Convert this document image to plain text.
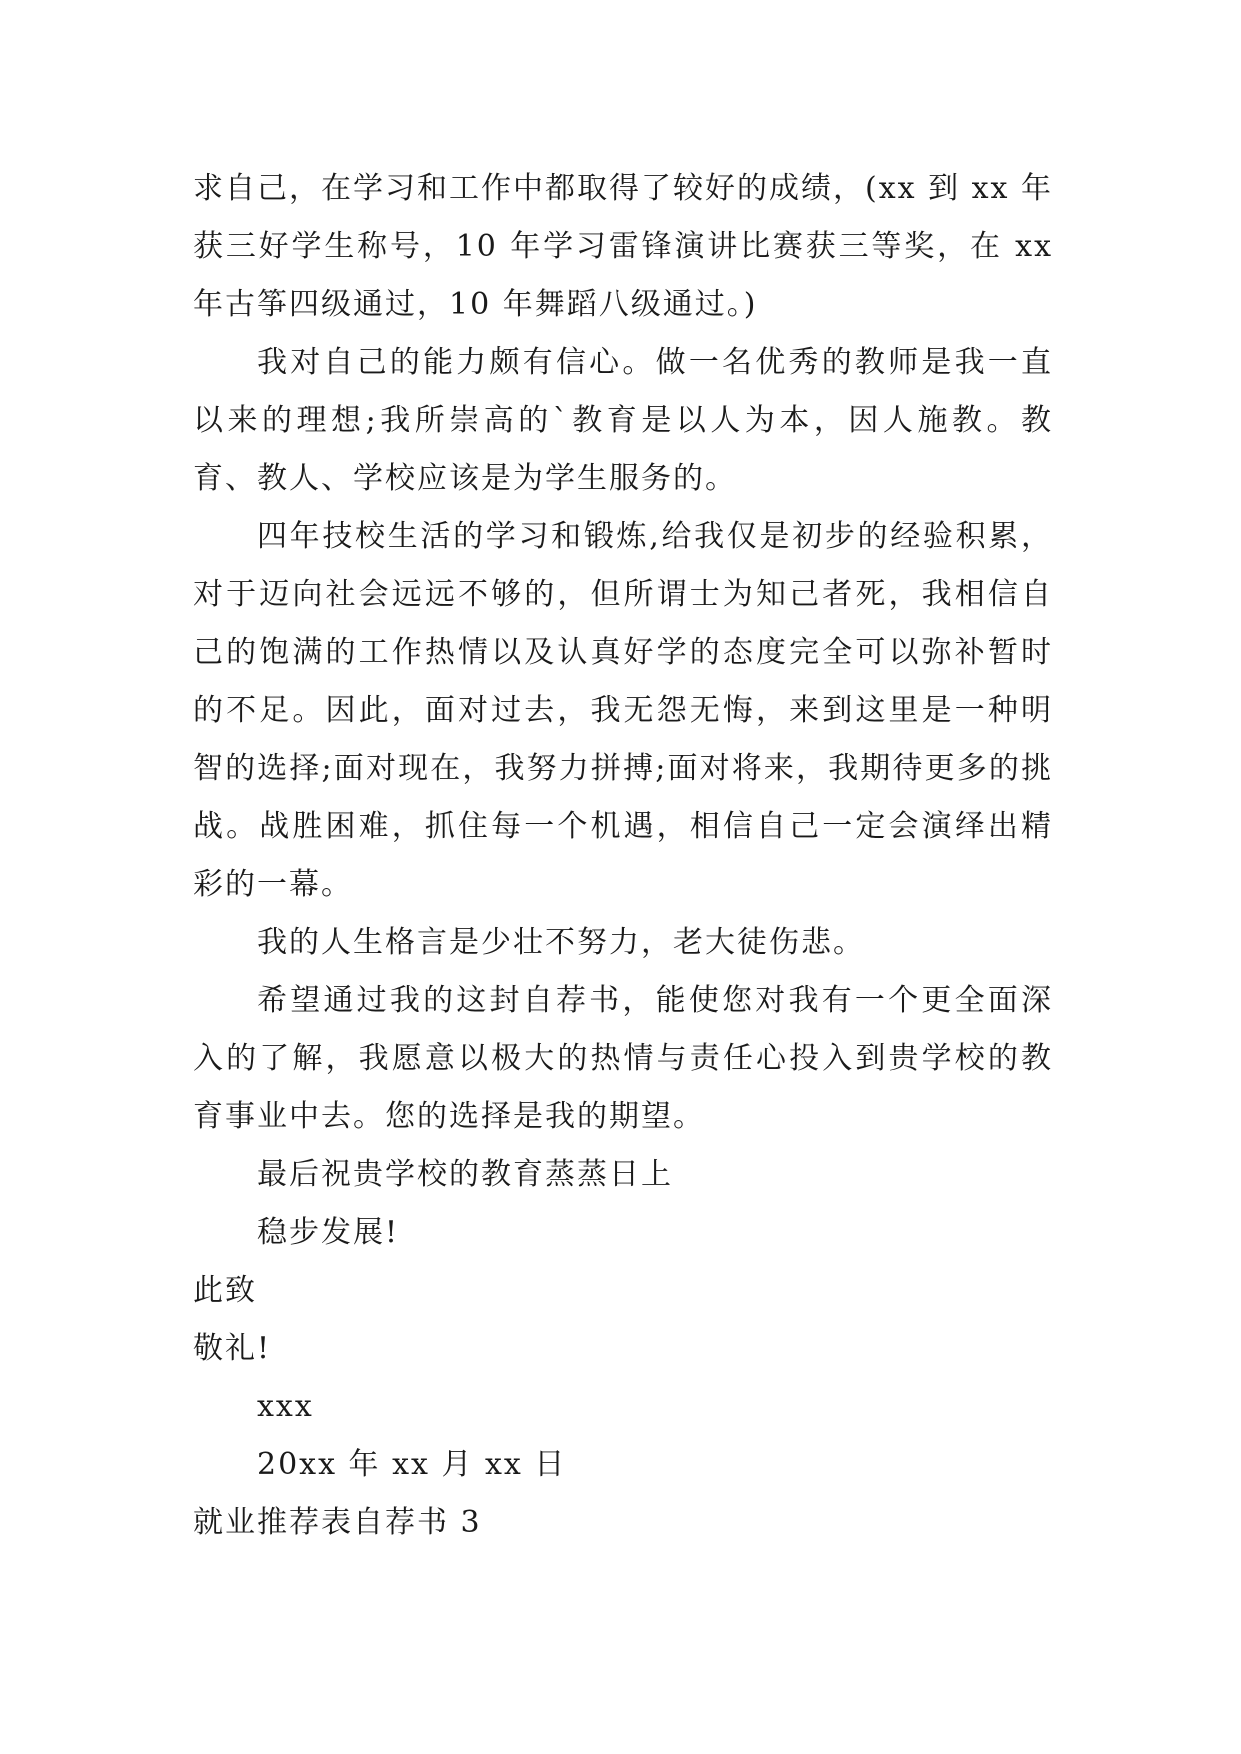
求自己，在学习和工作中都取得了较好的成绩，(xx 到 xx 年获三好学生称号，10 年学习雷锋演讲比赛获三等奖，在 xx 年古筝四级通过，10 年舞蹈八级通过。)

我对自己的能力颇有信心。做一名优秀的教师是我一直以来的理想;我所崇高的`教育是以人为本，因人施教。教育、教人、学校应该是为学生服务的。

四年技校生活的学习和锻炼,给我仅是初步的经验积累，对于迈向社会远远不够的，但所谓士为知己者死，我相信自己的饱满的工作热情以及认真好学的态度完全可以弥补暂时的不足。因此，面对过去，我无怨无悔，来到这里是一种明智的选择;面对现在，我努力拼搏;面对将来，我期待更多的挑战。战胜困难，抓住每一个机遇，相信自己一定会演绎出精彩的一幕。

我的人生格言是少壮不努力，老大徒伤悲。

希望通过我的这封自荐书，能使您对我有一个更全面深入的了解，我愿意以极大的热情与责任心投入到贵学校的教育事业中去。您的选择是我的期望。

最后祝贵学校的教育蒸蒸日上

稳步发展!

此致

敬礼!

xxx

20xx 年 xx 月 xx 日

就业推荐表自荐书 3
